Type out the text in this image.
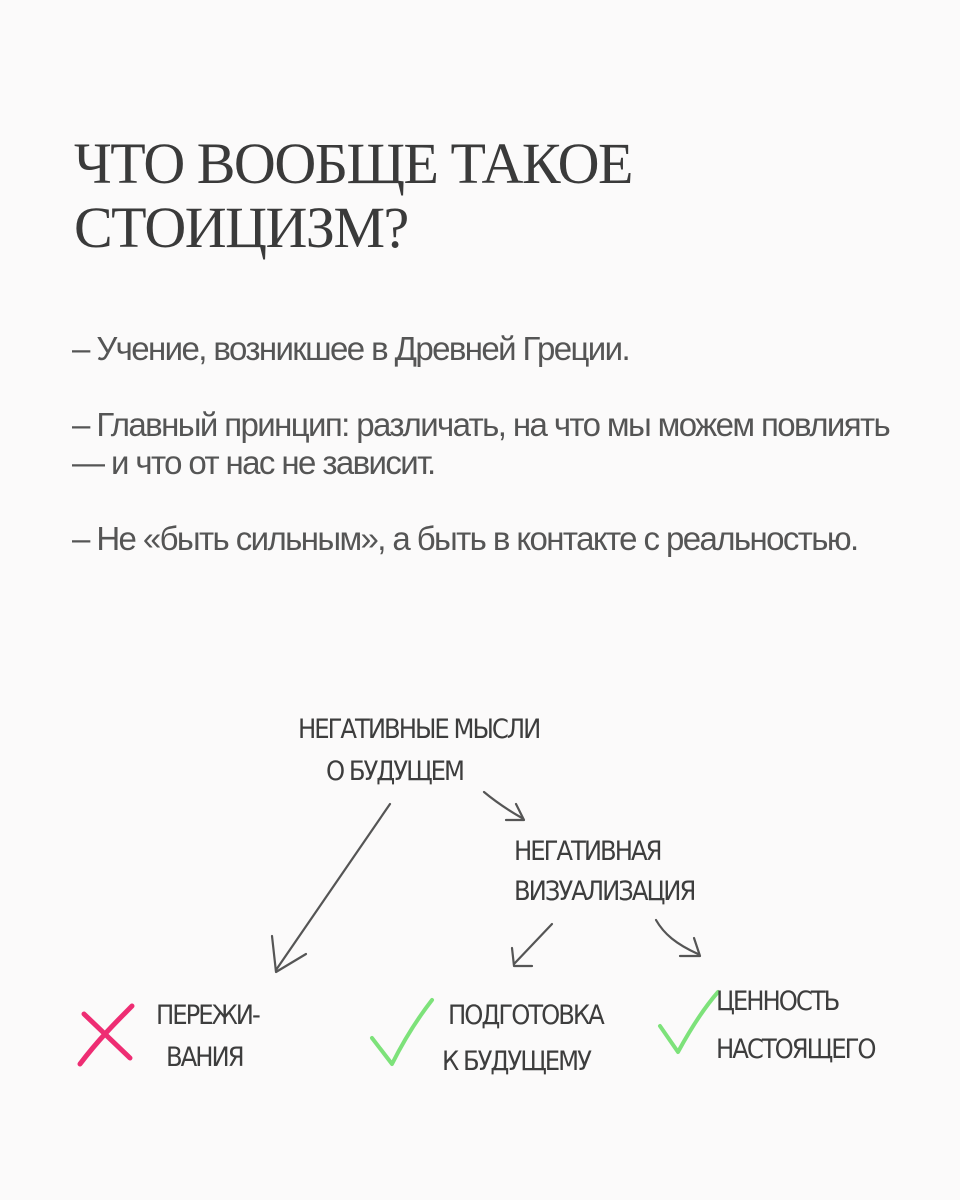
ЧТО ВООБЩЕ ТАКОЕ
СТОИЦИЗМ?

– Учение, возникшее в Древней Греции.

– Главный принцип: различать, на что мы можем повлиять — и что от нас не зависит.

– Не «быть сильным», а быть в контакте с реальностью.

НЕГАТИВНЫЕ МЫСЛИ
О БУДУЩЕМ
НЕГАТИВНАЯ
ВИЗУАЛИЗАЦИЯ
ПЕРЕЖИ-
ВАНИЯ
ПОДГОТОВКА
К БУДУЩЕМУ
ЦЕННОСТЬ
НАСТОЯЩЕГО
